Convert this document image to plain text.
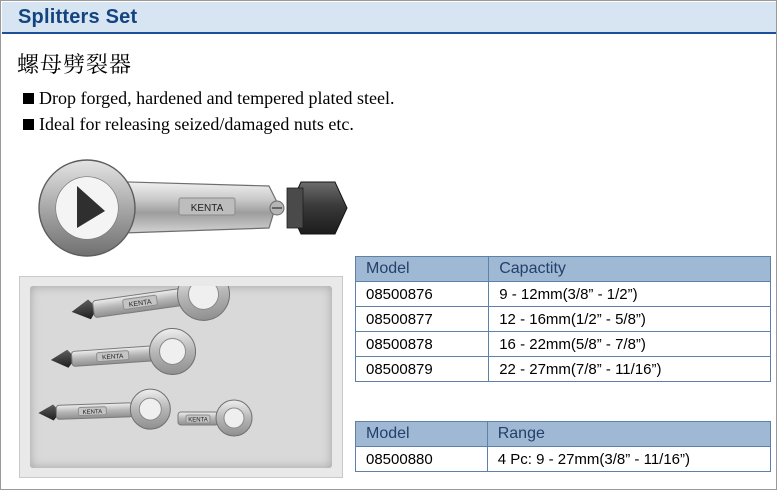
Splitters Set
螺母劈裂器
Drop forged, hardened and tempered plated steel.
Ideal for releasing seized/damaged nuts etc.
KENTA
KENTA
KENTA
KENTA
KENTA
Model	Capactity
08500876	9 - 12mm(3/8” - 1/2”)
08500877	12 - 16mm(1/2” - 5/8”)
08500878	16 - 22mm(5/8” - 7/8”)
08500879	22 - 27mm(7/8” - 11/16”)
Model	Range
08500880	4 Pc: 9 - 27mm(3/8” - 11/16”)
